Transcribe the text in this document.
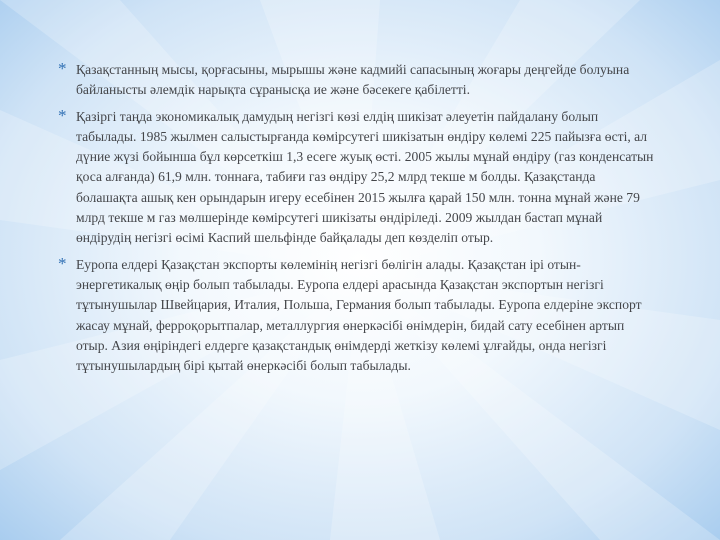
* Қазақстанның мысы, қорғасыны, мырышы және кадмийі сапасының жоғары деңгейде болуына байланысты әлемдік нарықта сұранысқа ие және бәсекеге қабілетті.
* Қазіргі таңда экономикалық дамудың негізгі көзі елдің шикізат әлеуетін пайдалану болып табылады. 1985 жылмен салыстырғанда көмірсутегі шикізатын өндіру көлемі 225 пайызға өсті, ал дүние жүзі бойынша бұл көрсеткіш 1,3 есеге жуық өсті. 2005 жылы мұнай өндіру (газ конденсатын қоса алғанда) 61,9 млн. тоннаға, табиғи газ өндіру 25,2 млрд текше м болды. Қазақстанда болашақта ашық кен орындарын игеру есебінен 2015 жылға қарай 150 млн. тонна мұнай және 79 млрд текше м газ мөлшерінде көмірсутегі шикізаты өндіріледі. 2009 жылдан бастап мұнай өндірудің негізгі өсімі Каспий шельфінде байқалады деп көзделіп отыр.
* Еуропа елдері Қазақстан экспорты көлемінің негізгі бөлігін алады. Қазақстан ірі отын-энергетикалық өңір болып табылады. Еуропа елдері арасында Қазақстан экспортын негізгі тұтынушылар Швейцария, Италия, Польша, Германия болып табылады. Еуропа елдеріне экспорт жасау мұнай, ферроқорытпалар, металлургия өнеркәсібі өнімдерін, бидай сату есебінен артып отыр. Азия өңіріндегі елдерге қазақстандық өнімдерді жеткізу көлемі ұлғайды, онда негізгі тұтынушылардың бірі қытай өнеркәсібі болып табылады.
